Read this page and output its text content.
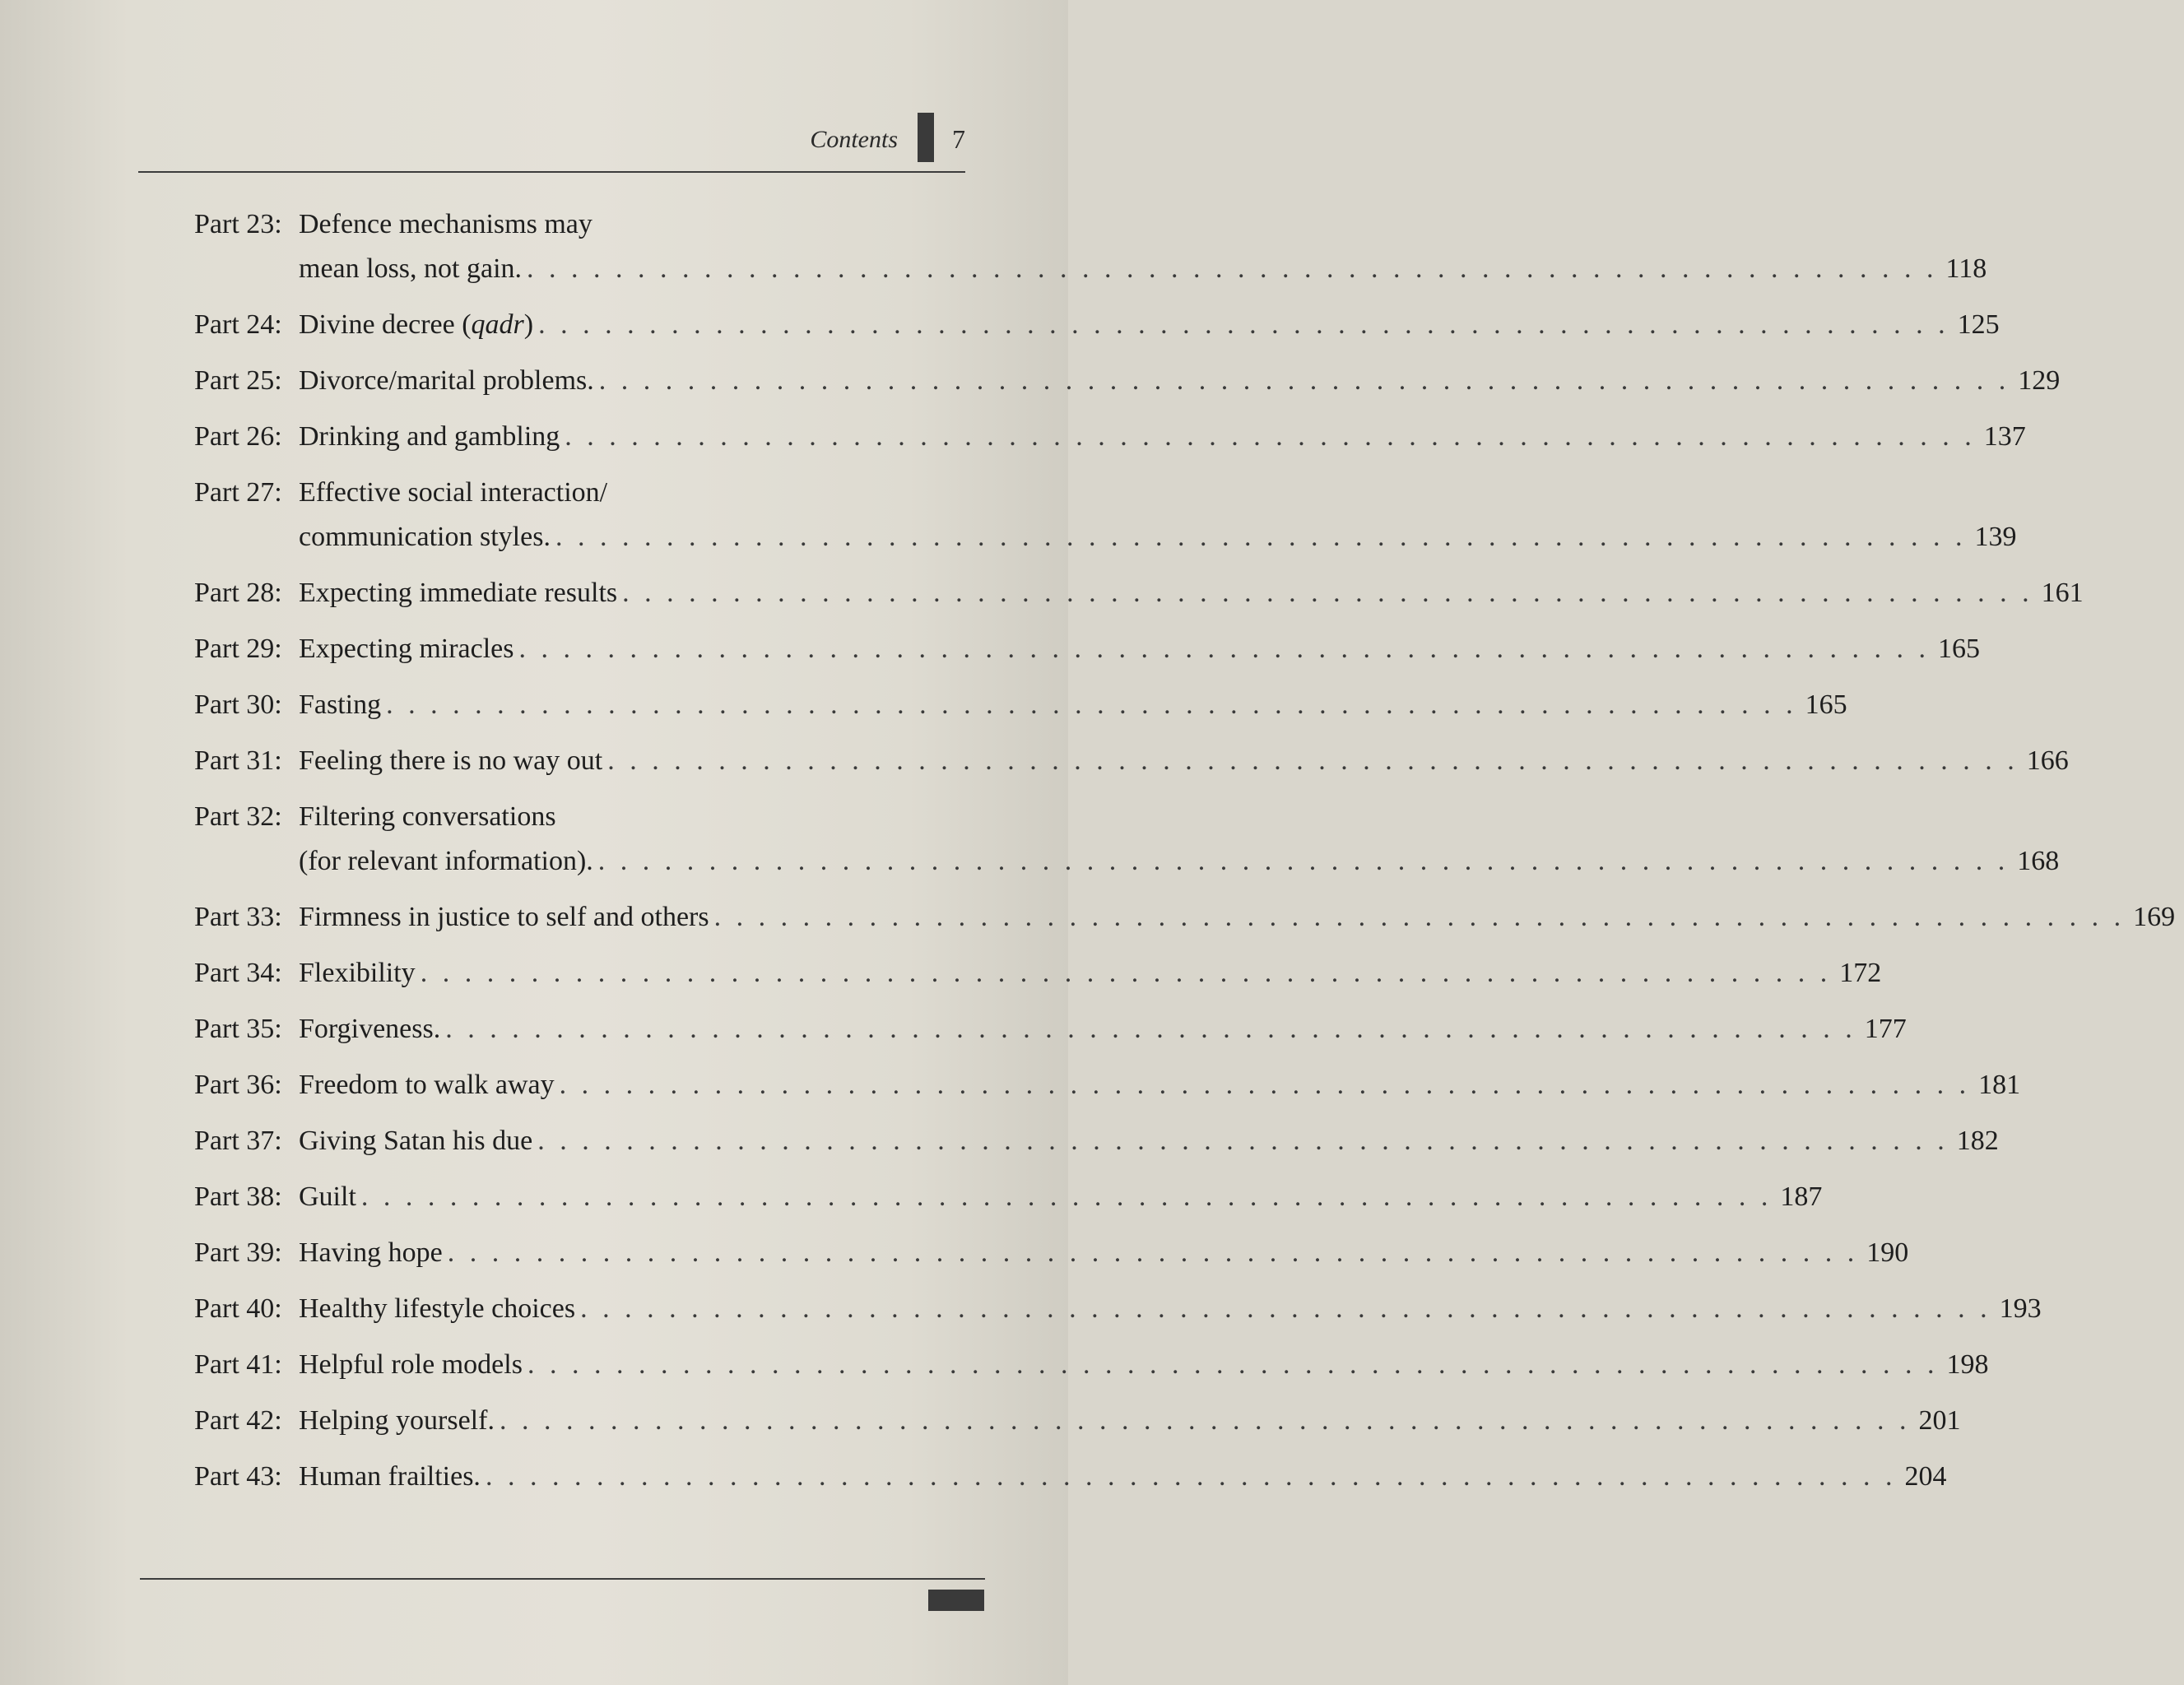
Contents 7
Part 23: Defence mechanisms may
mean loss, not gain. . . . . . . . . . . . . . . . . . . . . . . . . . . . . . . . . . . . . . . . . . . . . . . . . . . . . . . . . . . . . . . . . 118
Part 24: Divine decree (qadr) . . . . . . . . . . . . . . . . . . . . . . . . . . . . . . . . . . . . . . . . . . . . . . . . . . . . . . . . . . . . . . . . 125
Part 25: Divorce/marital problems. . . . . . . . . . . . . . . . . . . . . . . . . . . . . . . . . . . . . . . . . . . . . . . . . . . . . . . . . . . . . . . . . 129
Part 26: Drinking and gambling . . . . . . . . . . . . . . . . . . . . . . . . . . . . . . . . . . . . . . . . . . . . . . . . . . . . . . . . . . . . . . . . 137
Part 27: Effective social interaction/
communication styles. . . . . . . . . . . . . . . . . . . . . . . . . . . . . . . . . . . . . . . . . . . . . . . . . . . . . . . . . . . . . . . . . 139
Part 28: Expecting immediate results . . . . . . . . . . . . . . . . . . . . . . . . . . . . . . . . . . . . . . . . . . . . . . . . . . . . . . . . . . . . . . . . 161
Part 29: Expecting miracles . . . . . . . . . . . . . . . . . . . . . . . . . . . . . . . . . . . . . . . . . . . . . . . . . . . . . . . . . . . . . . . . 165
Part 30: Fasting . . . . . . . . . . . . . . . . . . . . . . . . . . . . . . . . . . . . . . . . . . . . . . . . . . . . . . . . . . . . . . . . 165
Part 31: Feeling there is no way out . . . . . . . . . . . . . . . . . . . . . . . . . . . . . . . . . . . . . . . . . . . . . . . . . . . . . . . . . . . . . . . . 166
Part 32: Filtering conversations
(for relevant information). . . . . . . . . . . . . . . . . . . . . . . . . . . . . . . . . . . . . . . . . . . . . . . . . . . . . . . . . . . . . . . . . 168
Part 33: Firmness in justice to self and others . . . . . . . . . . . . . . . . . . . . . . . . . . . . . . . . . . . . . . . . . . . . . . . . . . . . . . . . . . . . . . . . 169
Part 34: Flexibility . . . . . . . . . . . . . . . . . . . . . . . . . . . . . . . . . . . . . . . . . . . . . . . . . . . . . . . . . . . . . . . . 172
Part 35: Forgiveness. . . . . . . . . . . . . . . . . . . . . . . . . . . . . . . . . . . . . . . . . . . . . . . . . . . . . . . . . . . . . . . . . 177
Part 36: Freedom to walk away . . . . . . . . . . . . . . . . . . . . . . . . . . . . . . . . . . . . . . . . . . . . . . . . . . . . . . . . . . . . . . . . 181
Part 37: Giving Satan his due . . . . . . . . . . . . . . . . . . . . . . . . . . . . . . . . . . . . . . . . . . . . . . . . . . . . . . . . . . . . . . . . 182
Part 38: Guilt . . . . . . . . . . . . . . . . . . . . . . . . . . . . . . . . . . . . . . . . . . . . . . . . . . . . . . . . . . . . . . . . 187
Part 39: Having hope . . . . . . . . . . . . . . . . . . . . . . . . . . . . . . . . . . . . . . . . . . . . . . . . . . . . . . . . . . . . . . . . 190
Part 40: Healthy lifestyle choices . . . . . . . . . . . . . . . . . . . . . . . . . . . . . . . . . . . . . . . . . . . . . . . . . . . . . . . . . . . . . . . . 193
Part 41: Helpful role models . . . . . . . . . . . . . . . . . . . . . . . . . . . . . . . . . . . . . . . . . . . . . . . . . . . . . . . . . . . . . . . . 198
Part 42: Helping yourself. . . . . . . . . . . . . . . . . . . . . . . . . . . . . . . . . . . . . . . . . . . . . . . . . . . . . . . . . . . . . . . . . 201
Part 43: Human frailties. . . . . . . . . . . . . . . . . . . . . . . . . . . . . . . . . . . . . . . . . . . . . . . . . . . . . . . . . . . . . . . . . 204
